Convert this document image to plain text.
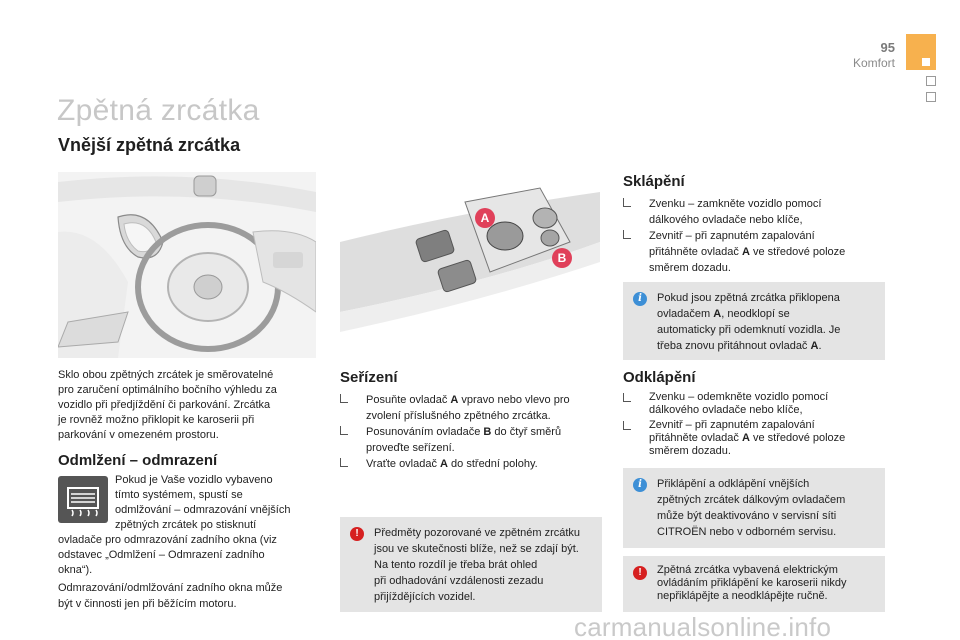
95
Komfort
Zpětná zrcátka
Vnější zpětná zrcátka
A
B
Sklo obou zpětných zrcátek je směrovatelné
pro zaručení optimálního bočního výhledu za
vozidlo při předjíždění či parkování. Zrcátka
je rovněž možno přiklopit ke karoserii při
parkování v omezeném prostoru.
Odmlžení – odmrazení
Pokud je Vaše vozidlo vybaveno
tímto systémem, spustí se
odmlžování – odmrazování vnějších
zpětných zrcátek po stisknutí
ovladače pro odmrazování zadního okna (viz
odstavec „Odmlžení – Odmrazení zadního
okna“).
Odmrazování/odmlžování zadního okna může
být v činnosti jen při běžícím motoru.
Seřízení
Posuňte ovladač A vpravo nebo vlevo pro
zvolení příslušného zpětného zrcátka.
Posunováním ovladače B do čtyř směrů
proveďte seřízení.
Vraťte ovladač A do střední polohy.
!	Předměty pozorované ve zpětném zrcátku
jsou ve skutečnosti blíže, než se zdají být.
Na tento rozdíl je třeba brát ohled
při odhadování vzdálenosti zezadu
přijíždějících vozidel.
Sklápění
Zvenku – zamkněte vozidlo pomocí
dálkového ovladače nebo klíče,
Zevnitř – při zapnutém zapalování
přitáhněte ovladač A ve středové poloze
směrem dozadu.
i	Pokud jsou zpětná zrcátka přiklopena
ovladačem A, neodklopí se
automaticky při odemknutí vozidla. Je
třeba znovu přitáhnout ovladač A.
Odklápění
Zvenku – odemkněte vozidlo pomocí
dálkového ovladače nebo klíče,
Zevnitř – při zapnutém zapalování
přitáhněte ovladač A ve středové poloze
směrem dozadu.
i	Přiklápění a odklápění vnějších
zpětných zrcátek dálkovým ovladačem
může být deaktivováno v servisní síti
CITROËN nebo v odborném servisu.
!	Zpětná zrcátka vybavená elektrickým
ovládáním přiklápění ke karoserii nikdy
nepřiklápějte a neodklápějte ručně.
carmanualsonline.info
